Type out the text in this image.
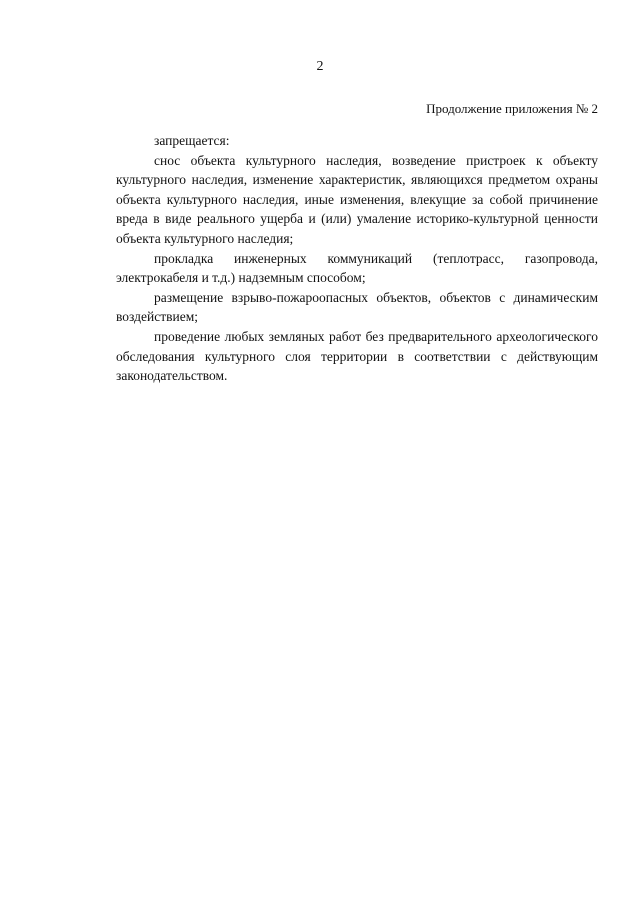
2
Продолжение приложения № 2

запрещается:

снос объекта культурного наследия, возведение пристроек к объекту культурного наследия, изменение характеристик, являющихся предметом охраны объекта культурного наследия, иные изменения, влекущие за собой причинение вреда в виде реального ущерба и (или) умаление историко-культурной ценности объекта культурного наследия;

прокладка инженерных коммуникаций (теплотрасс, газопровода, электрокабеля и т.д.) надземным способом;

размещение взрыво-пожароопасных объектов, объектов с динамическим воздействием;

проведение любых земляных работ без предварительного археологического обследования культурного слоя территории в соответствии с действующим законодательством.
